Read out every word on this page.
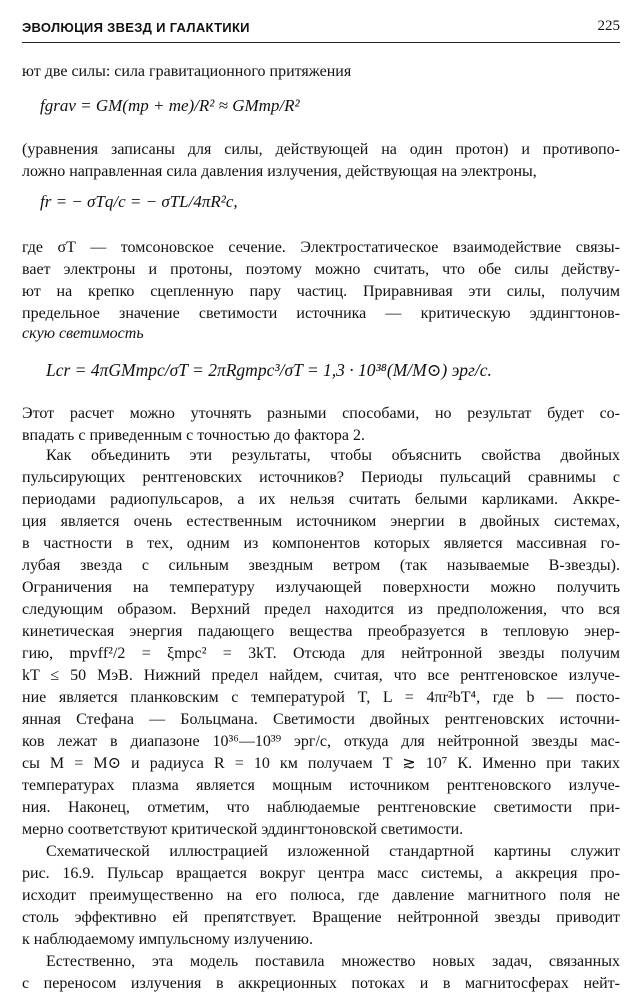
ЭВОЛЮЦИЯ ЗВЕЗД И ГАЛАКТИКИ	225
ют две силы: сила гравитационного притяжения
fgrav = GM(mp + me)/R² ≈ GMmp/R²
(уравнения записаны для силы, действующей на один протон) и противопо-
ложно направленная сила давления излучения, действующая на электроны,
fr = − σTq/c = − σTL/4πR²c,
где σT — томсоновское сечение. Электростатическое взаимодействие связы-
вает электроны и протоны, поэтому можно считать, что обе силы действу-
ют на крепко сцепленную пару частиц. Приравнивая эти силы, получим
предельное значение светимости источника — критическую эддингтонов-
скую светимость
Lcr = 4πGMmpc/σT = 2πRgmpc³/σT = 1,3 · 10³⁸(M/M⊙) эрг/с.
Этот расчет можно уточнять разными способами, но результат будет со-
впадать с приведенным с точностью до фактора 2.
Как объединить эти результаты, чтобы объяснить свойства двойных
пульсирующих рентгеновских источников? Периоды пульсаций сравнимы с
периодами радиопульсаров, а их нельзя считать белыми карликами. Аккре-
ция является очень естественным источником энергии в двойных системах,
в частности в тех, одним из компонентов которых является массивная го-
лубая звезда с сильным звездным ветром (так называемые B-звезды).
Ограничения на температуру излучающей поверхности можно получить
следующим образом. Верхний предел находится из предположения, что вся
кинетическая энергия падающего вещества преобразуется в тепловую энер-
гию, mpvff²/2 = ξmpc² = 3kT. Отсюда для нейтронной звезды получим
kT ≤ 50 МэВ. Нижний предел найдем, считая, что все рентгеновское излуче-
ние является планковским с температурой T, L = 4πr²bT⁴, где b — посто-
янная Стефана — Больцмана. Светимости двойных рентгеновских источни-
ков лежат в диапазоне 10³⁶—10³⁹ эрг/с, откуда для нейтронной звезды мас-
сы M = M⊙ и радиуса R = 10 км получаем T ≳ 10⁷ К. Именно при таких
температурах плазма является мощным источником рентгеновского излуче-
ния. Наконец, отметим, что наблюдаемые рентгеновские светимости при-
мерно соответствуют критической эддингтоновской светимости.
Схематической иллюстрацией изложенной стандартной картины служит
рис. 16.9. Пульсар вращается вокруг центра масс системы, а аккреция про-
исходит преимущественно на его полюса, где давление магнитного поля не
столь эффективно ей препятствует. Вращение нейтронной звезды приводит
к наблюдаемому импульсному излучению.
Естественно, эта модель поставила множество новых задач, связанных
с переносом излучения в аккреционных потоках и в магнитосферах нейт-
